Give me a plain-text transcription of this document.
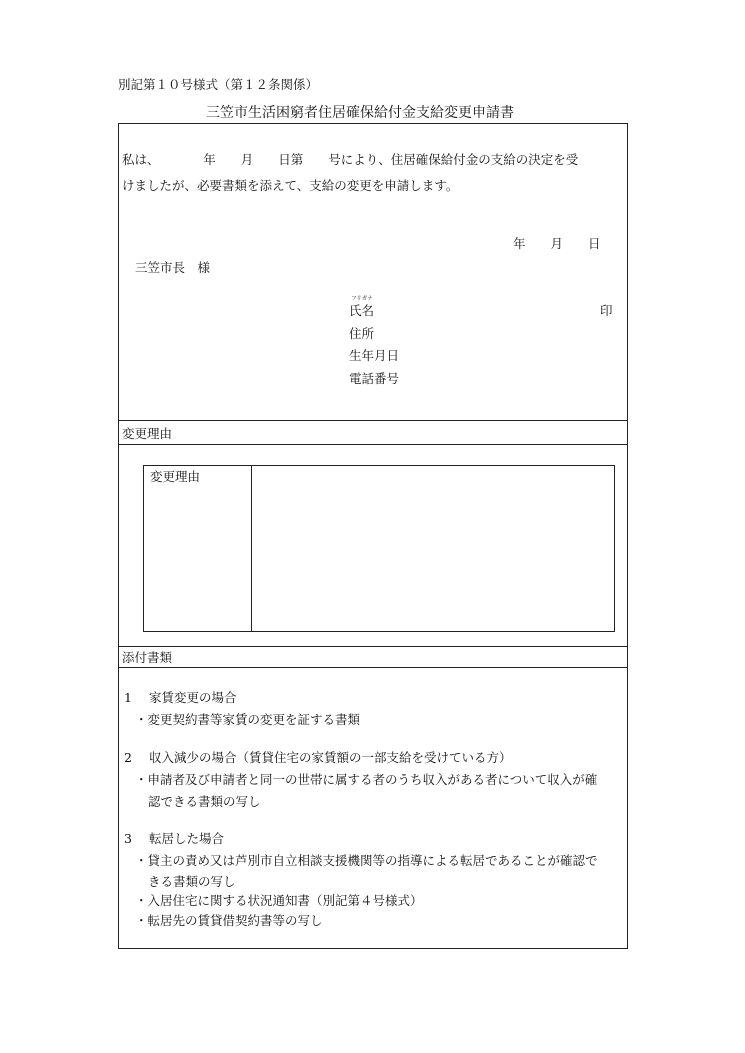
別記第１０号様式（第１２条関係）
三笠市生活困窮者住居確保給付金支給変更申請書
私は、　　　　年　　月　　日第　　号により、住居確保給付金の支給の決定を受
けましたが、必要書類を添えて、支給の変更を申請します。
年　　月　　日
三笠市長　様
フリガナ
氏名	印
住所
生年月日
電話番号
変更理由
変更理由
添付書類
1 家賃変更の場合
・変更契約書等家賃の変更を証する書類
2 収入減少の場合（賃貸住宅の家賃額の一部支給を受けている方）
・申請者及び申請者と同一の世帯に属する者のうち収入がある者について収入が確
認できる書類の写し
3 転居した場合
・貸主の責め又は芦別市自立相談支援機関等の指導による転居であることが確認で
きる書類の写し
・入居住宅に関する状況通知書（別記第４号様式）
・転居先の賃貸借契約書等の写し
